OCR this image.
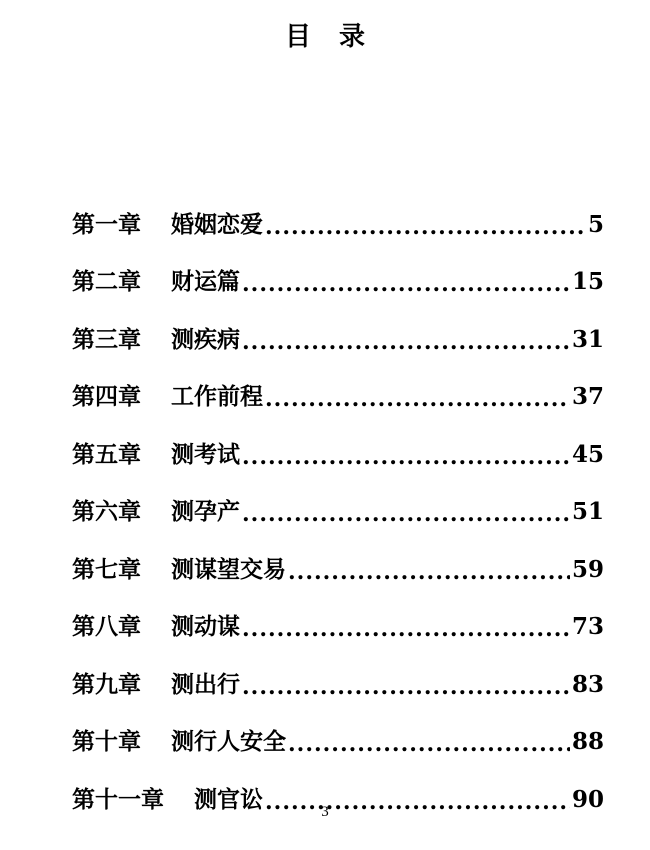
目录
第一章 婚姻恋爱 .....	5
第二章 财运篇 .....	15
第三章 测疾病 .....	31
第四章 工作前程 .....	37
第五章 测考试 .....	45
第六章 测孕产 .....	51
第七章 测谋望交易 .....	59
第八章 测动谋 .....	73
第九章 测出行 .....	83
第十章 测行人安全 .....	88
第十一章 测官讼 .....	90
3
